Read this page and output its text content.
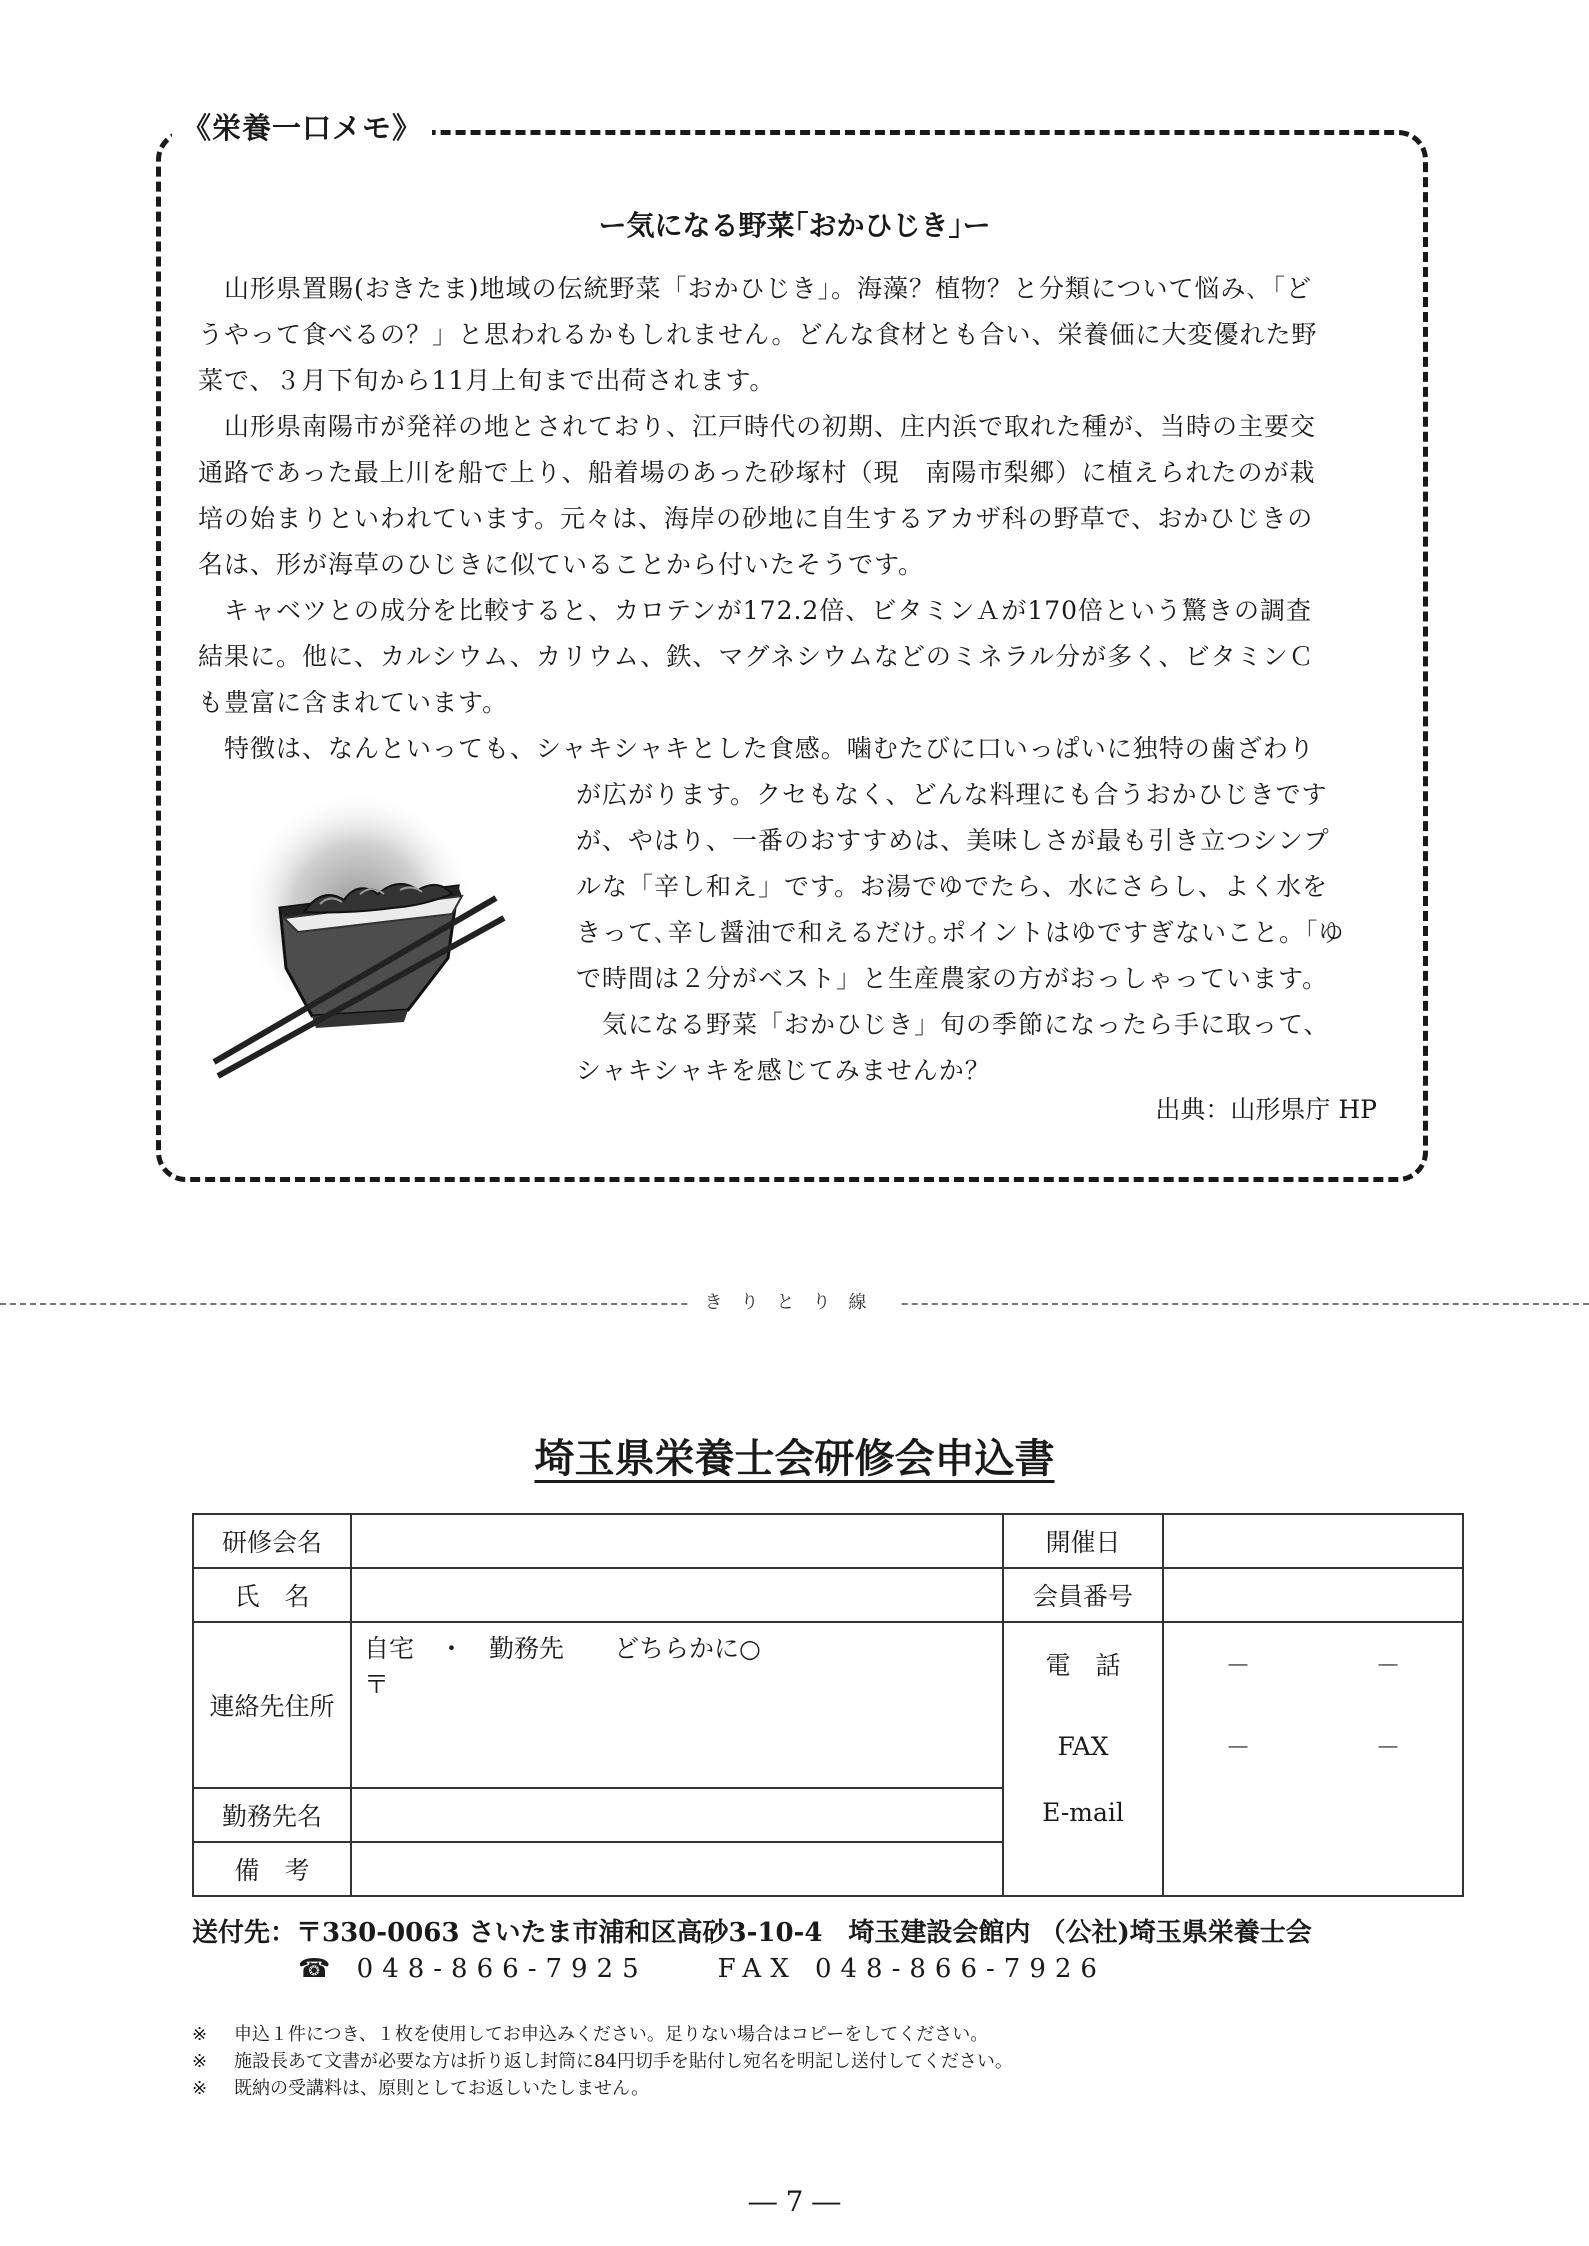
《栄養一口メモ》
ー気になる野菜｢おかひじき｣ー
　山形県置賜(おきたま)地域の伝統野菜「おかひじき」。海藻？植物？と分類について悩み､「ど
うやって食べるの？」と思われるかもしれません。どんな食材とも合い、栄養価に大変優れた野
菜で、３月下旬から11月上旬まで出荷されます。
　山形県南陽市が発祥の地とされており、江戸時代の初期、庄内浜で取れた種が、当時の主要交
通路であった最上川を船で上り、船着場のあった砂塚村（現　南陽市梨郷）に植えられたのが栽
培の始まりといわれています。元々は、海岸の砂地に自生するアカザ科の野草で、おかひじきの
名は、形が海草のひじきに似ていることから付いたそうです。
　キャベツとの成分を比較すると、カロテンが172.2倍、ビタミンＡが170倍という驚きの調査
結果に。他に、カルシウム、カリウム、鉄、マグネシウムなどのミネラル分が多く、ビタミンＣ
も豊富に含まれています。
　特徴は、なんといっても、シャキシャキとした食感。噛むたびに口いっぱいに独特の歯ざわり
が広がります。クセもなく、どんな料理にも合うおかひじきです
が、やはり、一番のおすすめは、美味しさが最も引き立つシンプ
ルな「辛し和え」です。お湯でゆでたら、水にさらし、よく水を
きって､辛し醤油で和えるだけ｡ポイントはゆですぎないこと｡「ゆ
で時間は２分がベスト」と生産農家の方がおっしゃっています。
　気になる野菜「おかひじき」旬の季節になったら手に取って、
シャキシャキを感じてみませんか？
出典：山形県庁 HP
きりとり線
埼玉県栄養士会研修会申込書
研修会名		開催日	
氏　名		会員番号	
連絡先住所	自宅　・　勤務先　　どちらかに○
〒	電　話	－　　　　　－
		FAX	－　　　　　－
勤務先名		E-mail	
備　考			
送付先：〒330-0063 さいたま市浦和区高砂3-10-4　埼玉建設会館内 （公社)埼玉県栄養士会
☎ 048-866-7925　　FAX 048-866-7926
※ 申込１件につき、１枚を使用してお申込みください。足りない場合はコピーをしてください。
※ 施設長あて文書が必要な方は折り返し封筒に84円切手を貼付し宛名を明記し送付してください。
※ 既納の受講料は、原則としてお返しいたしません。
― 7 ―
